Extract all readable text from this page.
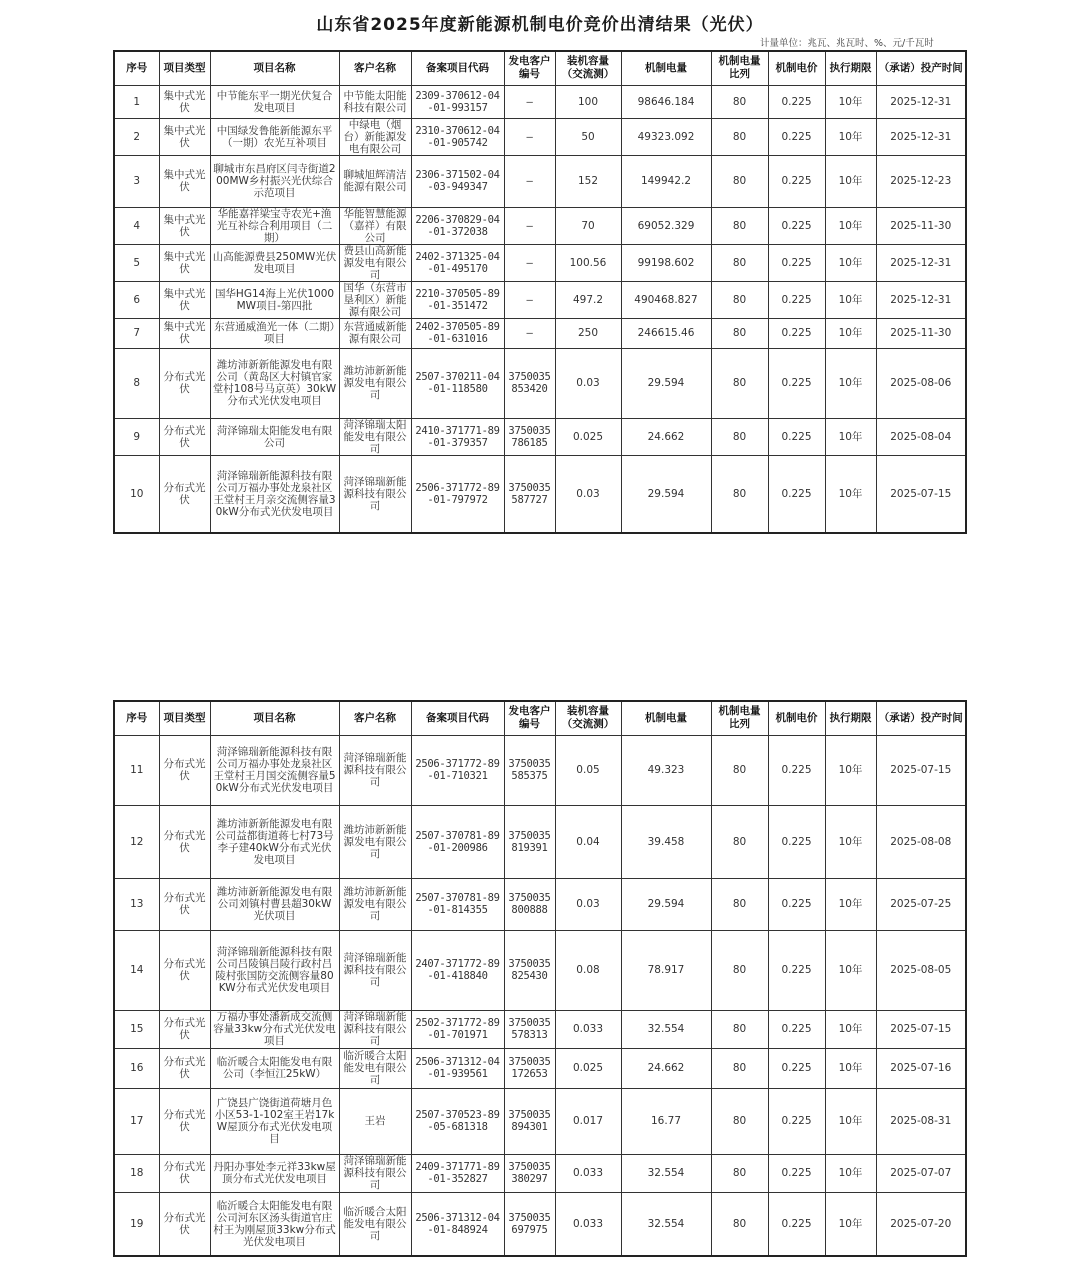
山东省2025年度新能源机制电价竞价出清结果（光伏）
计量单位：兆瓦、兆瓦时、%、元/千瓦时
序号	项目类型	项目名称	客户名称	备案项目代码	发电客户编号	装机容量（交流测）	机制电量	机制电量比列	机制电价	执行期限	（承诺）投产时间
1	集中式光伏	中节能东平一期光伏复合发电项目	中节能太阳能科技有限公司	2309-370612-04-01-993157	—	100	98646.184	80	0.225	10年	2025-12-31
2	集中式光伏	中国绿发鲁能新能源东平（一期）农光互补项目	中绿电（烟台）新能源发电有限公司	2310-370612-04-01-905742	—	50	49323.092	80	0.225	10年	2025-12-31
3	集中式光伏	聊城市东昌府区闫寺街道200MW乡村振兴光伏综合示范项目	聊城旭辉清洁能源有限公司	2306-371502-04-03-949347	—	152	149942.2	80	0.225	10年	2025-12-23
4	集中式光伏	华能嘉祥梁宝寺农光+渔光互补综合利用项目（二期）	华能智慧能源（嘉祥）有限公司	2206-370829-04-01-372038	—	70	69052.329	80	0.225	10年	2025-11-30
5	集中式光伏	山高能源费县250MW光伏发电项目	费县山高新能源发电有限公司	2402-371325-04-01-495170	—	100.56	99198.602	80	0.225	10年	2025-12-31
6	集中式光伏	国华HG14海上光伏1000MW项目-第四批	国华（东营市垦利区）新能源有限公司	2210-370505-89-01-351472	—	497.2	490468.827	80	0.225	10年	2025-12-31
7	集中式光伏	东营通威渔光一体（二期）项目	东营通威新能源有限公司	2402-370505-89-01-631016	—	250	246615.46	80	0.225	10年	2025-11-30
8	分布式光伏	潍坊沛新新能源发电有限公司（黄岛区大村镇官家堂村108号马京英）30kW分布式光伏发电项目	潍坊沛新新能源发电有限公司	2507-370211-04-01-118580	3750035853420	0.03	29.594	80	0.225	10年	2025-08-06
9	分布式光伏	菏泽锦瑞太阳能发电有限公司	菏泽锦瑞太阳能发电有限公司	2410-371771-89-01-379357	3750035786185	0.025	24.662	80	0.225	10年	2025-08-04
10	分布式光伏	菏泽锦瑞新能源科技有限公司万福办事处龙泉社区王堂村王月亲交流侧容量30kW分布式光伏发电项目	菏泽锦瑞新能源科技有限公司	2506-371772-89-01-797972	3750035587727	0.03	29.594	80	0.225	10年	2025-07-15
序号	项目类型	项目名称	客户名称	备案项目代码	发电客户编号	装机容量（交流测）	机制电量	机制电量比列	机制电价	执行期限	（承诺）投产时间
11	分布式光伏	菏泽锦瑞新能源科技有限公司万福办事处龙泉社区王堂村王月国交流侧容量50kW分布式光伏发电项目	菏泽锦瑞新能源科技有限公司	2506-371772-89-01-710321	3750035585375	0.05	49.323	80	0.225	10年	2025-07-15
12	分布式光伏	潍坊沛新新能源发电有限公司益都街道蒋七村73号李子建40kW分布式光伏发电项目	潍坊沛新新能源发电有限公司	2507-370781-89-01-200986	3750035819391	0.04	39.458	80	0.225	10年	2025-08-08
13	分布式光伏	潍坊沛新新能源发电有限公司刘镇村曹县超30kW光伏项目	潍坊沛新新能源发电有限公司	2507-370781-89-01-814355	3750035800888	0.03	29.594	80	0.225	10年	2025-07-25
14	分布式光伏	菏泽锦瑞新能源科技有限公司吕陵镇吕陵行政村吕陵村张国防交流侧容量80KW分布式光伏发电项目	菏泽锦瑞新能源科技有限公司	2407-371772-89-01-418840	3750035825430	0.08	78.917	80	0.225	10年	2025-08-05
15	分布式光伏	万福办事处潘新成交流侧容量33kw分布式光伏发电项目	菏泽锦瑞新能源科技有限公司	2502-371772-89-01-701971	3750035578313	0.033	32.554	80	0.225	10年	2025-07-15
16	分布式光伏	临沂暖合太阳能发电有限公司（李恒江25kW）	临沂暖合太阳能发电有限公司	2506-371312-04-01-939561	3750035172653	0.025	24.662	80	0.225	10年	2025-07-16
17	分布式光伏	广饶县广饶街道荷塘月色小区53-1-102室王岩17kW屋顶分布式光伏发电项目	王岩	2507-370523-89-05-681318	3750035894301	0.017	16.77	80	0.225	10年	2025-08-31
18	分布式光伏	丹阳办事处李元祥33kw屋顶分布式光伏发电项目	菏泽锦瑞新能源科技有限公司	2409-371771-89-01-352827	3750035380297	0.033	32.554	80	0.225	10年	2025-07-07
19	分布式光伏	临沂暖合太阳能发电有限公司河东区汤头街道官庄村王为刚屋顶33kw分布式光伏发电项目	临沂暖合太阳能发电有限公司	2506-371312-04-01-848924	3750035697975	0.033	32.554	80	0.225	10年	2025-07-20
